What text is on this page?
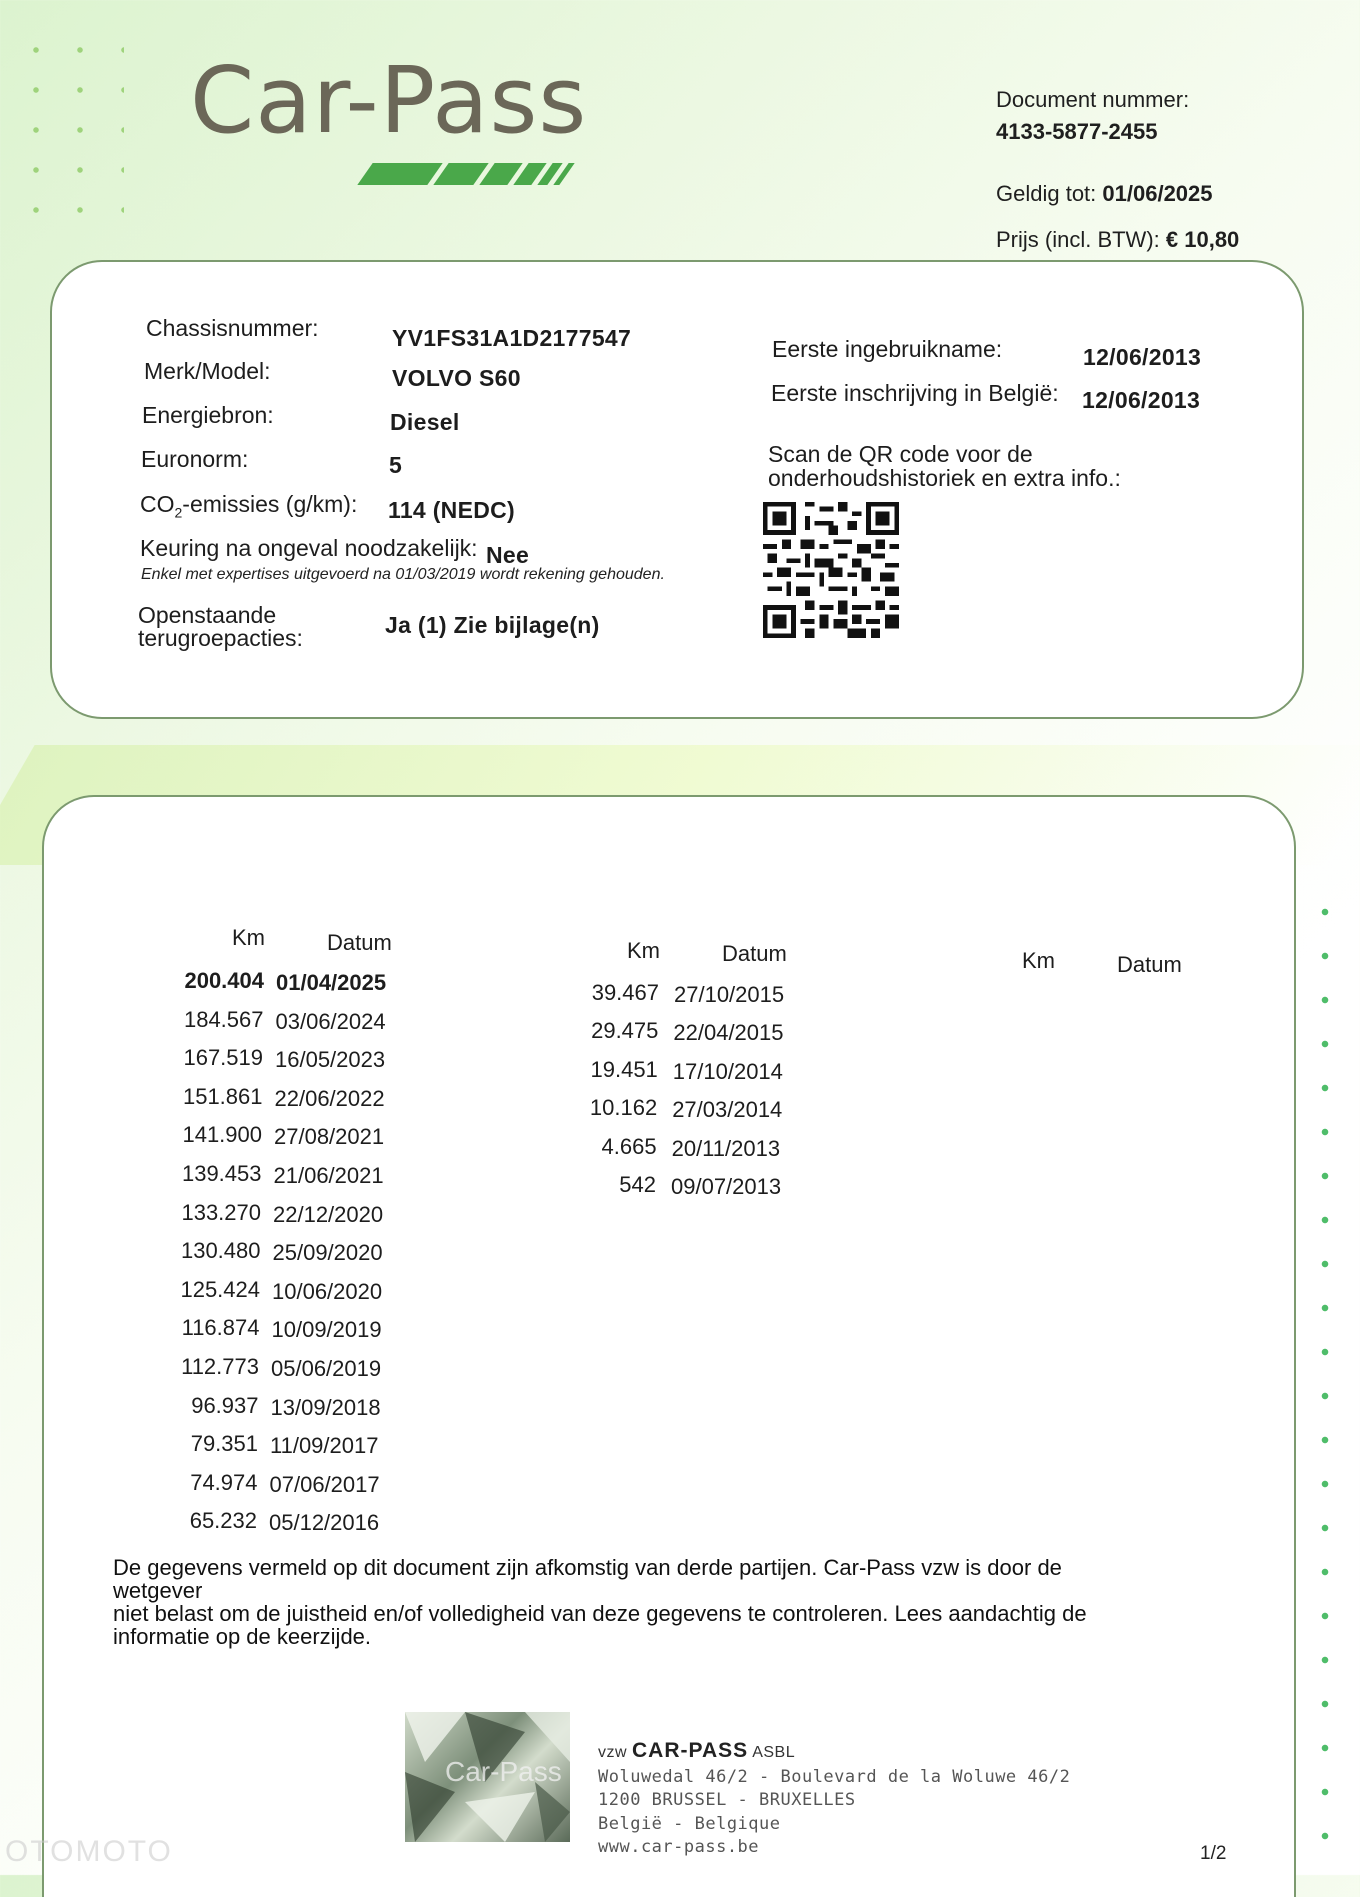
Car-Pass	Document nummer:
4133-5877-2455
Geldig tot: 01/06/2025
Prijs (incl. BTW): € 10,80
Chassisnummer:	YV1FS31A1D2177547
Merk/Model:	VOLVO S60
Energiebron:	Diesel
Euronorm:	5
$CO_2$-emissies (g/km): 114 (NEDC)
Keuring na ongeval noodzakelijk: Nee
Enkel met expertises uitgevoerd na 01/03/2019 wordt rekening gehouden.
Openstaande
terugroepacties:	Ja (1) Zie bijlage(n)
Eerste ingebruikname:	12/06/2013
Eerste inschrijving in België: 12/06/2013
Scan de QR code voor de
onderhoudshistoriek en extra info.:
Km	Datum	Km	Datum	Km	Datum
200.404 01/04/2025
184.567 03/06/2024
167.519 16/05/2023
151.861 22/06/2022
141.900 27/08/2021
139.453 21/06/2021
133.270 22/12/2020
130.480 25/09/2020
125.424 10/06/2020
116.874 10/09/2019
112.773 05/06/2019
96.937 13/09/2018
79.351 11/09/2017
74.974 07/06/2017
65.232 05/12/2016
39.467 27/10/2015
29.475 22/04/2015
19.451 17/10/2014
10.162 27/03/2014
4.665 20/11/2013
542 09/07/2013
De gegevens vermeld op dit document zijn afkomstig van derde partijen. Car-Pass vzw is door de wetgever
niet belast om de juistheid en/of volledigheid van deze gegevens te controleren. Lees aandachtig de
informatie op de keerzijde.
Car-Pass
vzw CAR-PASS ASBL
Woluwedal 46/2 - Boulevard de la Woluwe 46/2
1200 BRUSSEL - BRUXELLES
België - Belgique
www.car-pass.be	1/2
OTOMOTO
